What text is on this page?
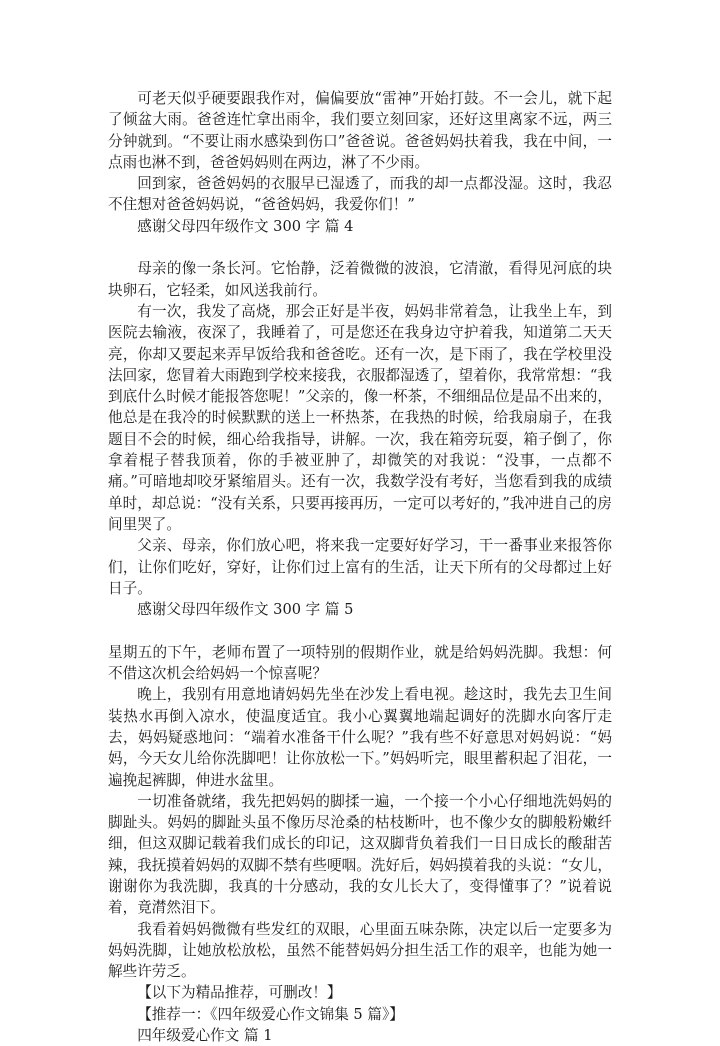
可老天似乎硬要跟我作对，偏偏要放“雷神”开始打鼓。不一会儿，就下起了倾盆大雨。爸爸连忙拿出雨伞，我们要立刻回家，还好这里离家不远，两三分钟就到。“不要让雨水感染到伤口”爸爸说。爸爸妈妈扶着我，我在中间，一点雨也淋不到，爸爸妈妈则在两边，淋了不少雨。

回到家，爸爸妈妈的衣服早已湿透了，而我的却一点都没湿。这时，我忍不住想对爸爸妈妈说，“爸爸妈妈，我爱你们！”

感谢父母四年级作文 300 字 篇 4

母亲的像一条长河。它怡静，泛着微微的波浪，它清澈，看得见河底的块块卵石，它轻柔，如风送我前行。

有一次，我发了高烧，那会正好是半夜，妈妈非常着急，让我坐上车，到医院去输液，夜深了，我睡着了，可是您还在我身边守护着我，知道第二天天亮，你却又要起来弄早饭给我和爸爸吃。还有一次，是下雨了，我在学校里没法回家，您冒着大雨跑到学校来接我，衣服都湿透了，望着你，我常常想：“我到底什么时候才能报答您呢！”父亲的，像一杯茶，不细细品位是品不出来的，他总是在我冷的时候默默的送上一杯热茶，在我热的时候，给我扇扇子，在我题目不会的时候，细心给我指导，讲解。一次，我在箱旁玩耍，箱子倒了，你拿着棍子替我顶着，你的手被亚肿了，却微笑的对我说：“没事，一点都不痛。”可暗地却咬牙紧缩眉头。还有一次，我数学没有考好，当您看到我的成绩单时，却总说：“没有关系，只要再接再历，一定可以考好的，”我冲进自己的房间里哭了。

父亲、母亲，你们放心吧，将来我一定要好好学习，干一番事业来报答你们，让你们吃好，穿好，让你们过上富有的生活，让天下所有的父母都过上好日子。

感谢父母四年级作文 300 字 篇 5

星期五的下午，老师布置了一项特别的假期作业，就是给妈妈洗脚。我想：何不借这次机会给妈妈一个惊喜呢？

晚上，我别有用意地请妈妈先坐在沙发上看电视。趁这时，我先去卫生间装热水再倒入凉水，使温度适宜。我小心翼翼地端起调好的洗脚水向客厅走去，妈妈疑惑地问：“端着水准备干什么呢？”我有些不好意思对妈妈说：“妈妈，今天女儿给你洗脚吧！让你放松一下。”妈妈听完，眼里蓄积起了泪花，一遍挽起裤脚，伸进水盆里。

一切准备就绪，我先把妈妈的脚揉一遍，一个接一个小心仔细地洗妈妈的脚趾头。妈妈的脚趾头虽不像历尽沧桑的枯枝断叶，也不像少女的脚般粉嫩纤细，但这双脚记载着我们成长的印记，这双脚背负着我们一日日成长的酸甜苦辣，我抚摸着妈妈的双脚不禁有些哽咽。洗好后，妈妈摸着我的头说：“女儿，谢谢你为我洗脚，我真的十分感动，我的女儿长大了，变得懂事了？”说着说着，竟潸然泪下。

我看着妈妈微微有些发红的双眼，心里面五味杂陈，决定以后一定要多为妈妈洗脚，让她放松放松，虽然不能替妈妈分担生活工作的艰辛，也能为她一解些许劳乏。

【以下为精品推荐，可删改！】

【推荐一：《四年级爱心作文锦集 5 篇》】

四年级爱心作文 篇 1
